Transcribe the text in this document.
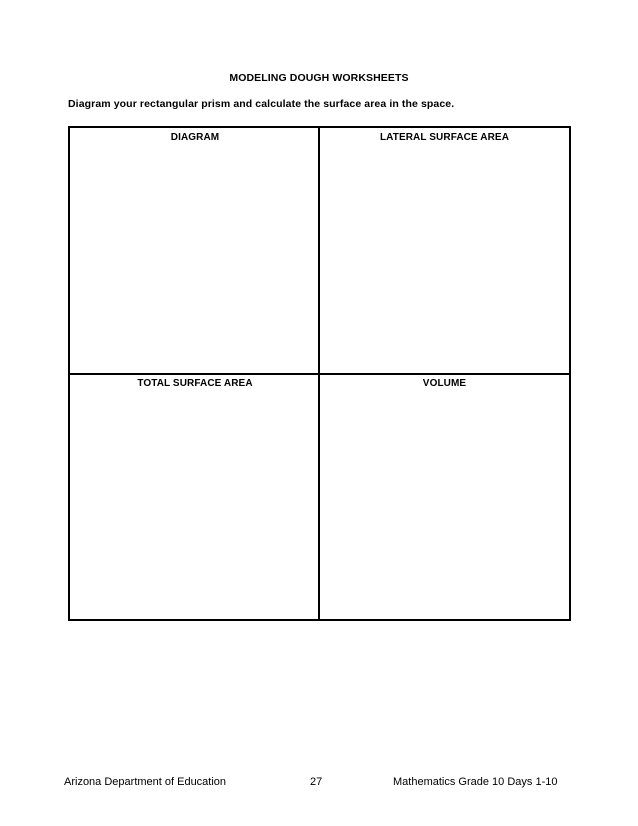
MODELING DOUGH WORKSHEETS
Diagram your rectangular prism and calculate the surface area in the space.
DIAGRAM	LATERAL SURFACE AREA
TOTAL SURFACE AREA	VOLUME
Arizona Department of Education	27	Mathematics Grade 10 Days 1-10
